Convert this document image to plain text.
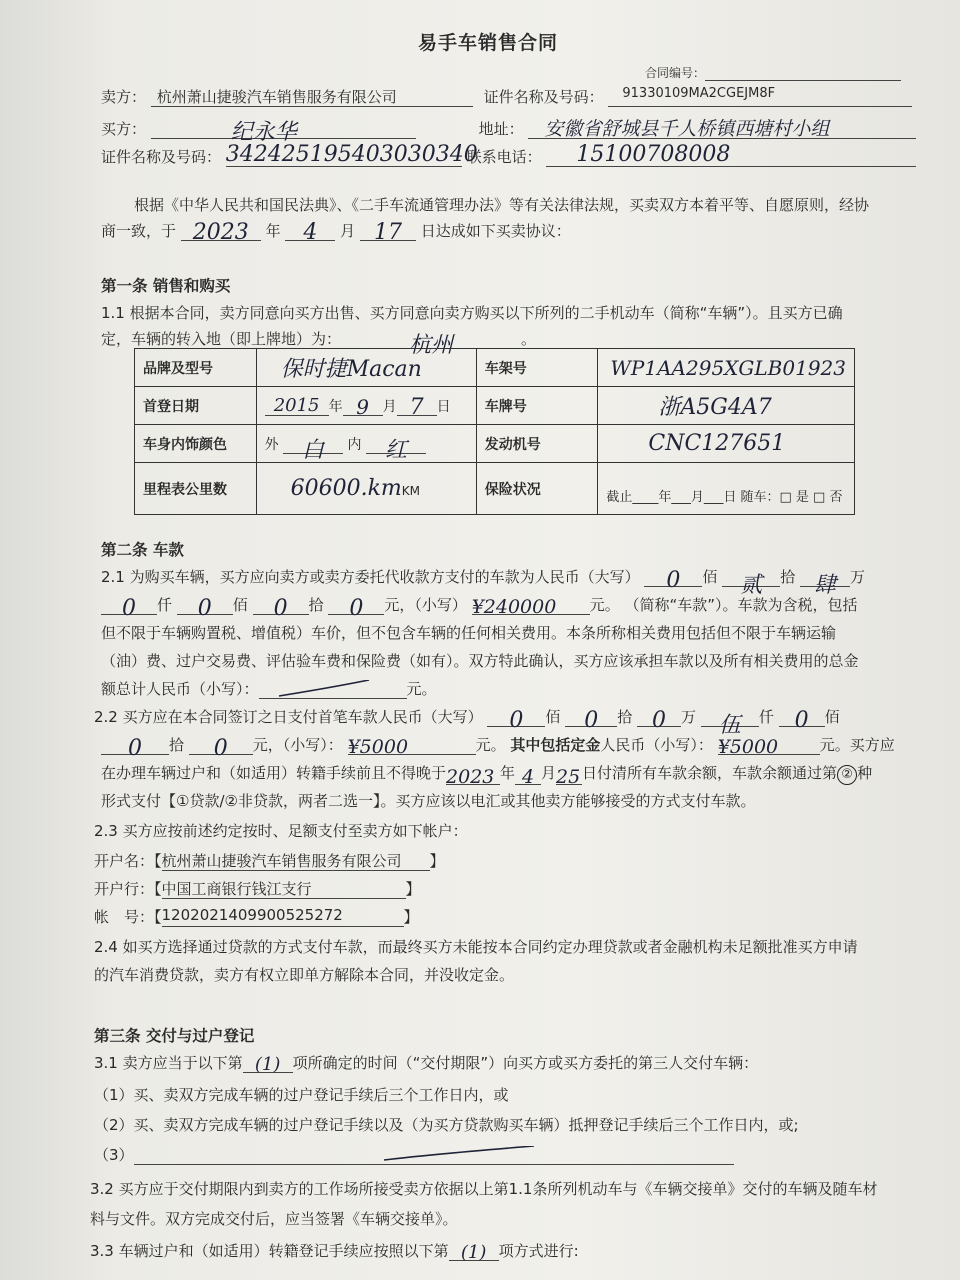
易手车销售合同
合同编号：
卖方： 杭州萧山捷骏汽车销售服务有限公司	证件名称及号码： 91330109MA2CGEJM8F
买方：	纪永华	地址： 安徽省舒城县千人桥镇西塘村小组
证件名称及号码： 342425195403030340 联系电话： 15100708008
根据《中华人民共和国民法典》、《二手车流通管理办法》等有关法律法规，买卖双方本着平等、自愿原则，经协
商一致，于 2023 年 4 月 17 日达成如下买卖协议：
第一条 销售和购买
1.1 根据本合同，卖方同意向买方出售、买方同意向卖方购买以下所列的二手机动车（简称“车辆”）。且买方已确
定，车辆的转入地（即上牌地）为：	杭州	。
品牌及型号	保时捷Macan	车架号	WP1AA295XGLB01923
首登日期	2015 年 9 月 7 日	车牌号	浙A5G4A7
车身内饰颜色	外 白 内 红	发动机号	CNC127651
里程表公里数	60600.kmKM	保险状况	截止____年___月___日 随车：□ 是 □ 否
第二条 车款
2.1 为购买车辆，买方应向卖方或卖方委托代收款方支付的车款为人民币（大写） 0 佰 贰 拾 肆 万
0 仟 0 佰 0 拾 0 元，（小写） ¥240000 元。 （简称“车款”）。车款为含税，包括
但不限于车辆购置税、增值税）车价，但不包含车辆的任何相关费用。本条所称相关费用包括但不限于车辆运输
（油）费、过户交易费、评估验车费和保险费（如有）。双方特此确认，买方应该承担车款以及所有相关费用的总金
额总计人民币（小写）：	元。
2.2 买方应在本合同签订之日支付首笔车款人民币（大写） 0 佰 0 拾 0 万 伍 仟 0 佰
0 拾 0 元，（小写）： ¥5000	元。 其中包括定金人民币（小写）： ¥5000	元。买方应
在办理车辆过户和（如适用）转籍手续前且不得晚于2023 年 4 月25 日付清所有车款余额，车款余额通过第 ② 种
形式支付【①贷款/②非贷款，两者二选一】。买方应该以电汇或其他卖方能够接受的方式支付车款。
2.3 买方应按前述约定按时、足额支付至卖方如下帐户：
开户名：【杭州萧山捷骏汽车销售服务有限公司 】
开户行：【中国工商银行钱江支行	】
帐　号：【1202021409900525272	】
2.4 如买方选择通过贷款的方式支付车款，而最终买方未能按本合同约定办理贷款或者金融机构未足额批准买方申请
的汽车消费贷款，卖方有权立即单方解除本合同，并没收定金。
第三条 交付与过户登记
3.1 卖方应当于以下第 (1) 项所确定的时间（“交付期限”）向买方或买方委托的第三人交付车辆：
（1）买、卖双方完成车辆的过户登记手续后三个工作日内，或
（2）买、卖双方完成车辆的过户登记手续以及（为买方贷款购买车辆）抵押登记手续后三个工作日内，或;
（3）
3.2 买方应于交付期限内到卖方的工作场所接受卖方依据以上第1.1条所列机动车与《车辆交接单》交付的车辆及随车材
料与文件。双方完成交付后，应当签署《车辆交接单》。
3.3 车辆过户和（如适用）转籍登记手续应按照以下第 (1) 项方式进行:
